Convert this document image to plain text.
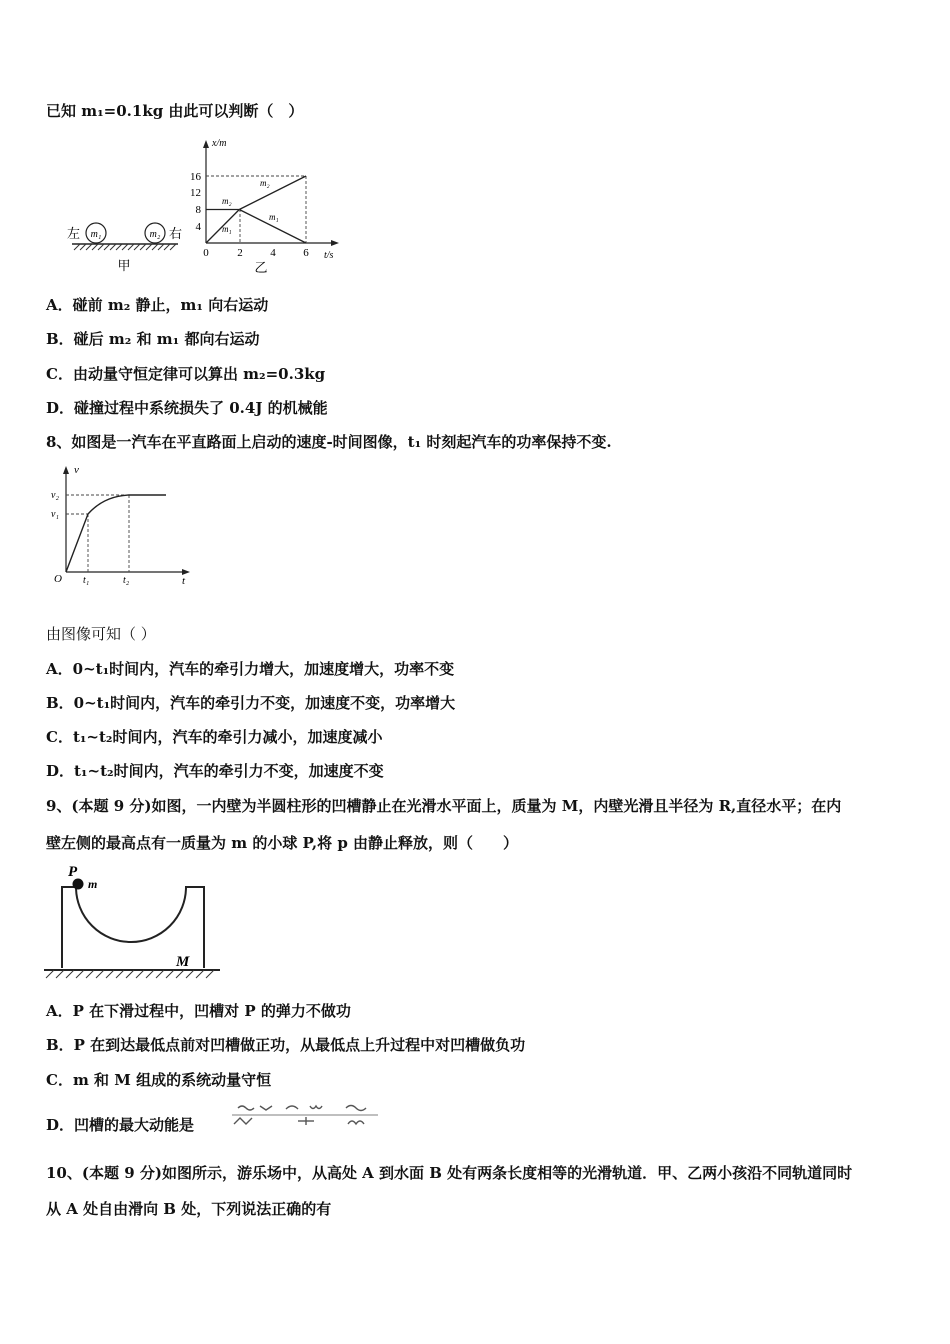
已知 m₁=0.1kg 由此可以判断（　）
m₁	m₂
左	右
甲
x/m
t/s
16
12
8
4
0	2	4	6
m₂
m₂
m₁
m₁
乙
A．碰前 m₂ 静止，m₁ 向右运动
B．碰后 m₂ 和 m₁ 都向右运动
C．由动量守恒定律可以算出 m₂=0.3kg
D．碰撞过程中系统损失了 0.4J 的机械能
8、如图是一汽车在平直路面上启动的速度-时间图像，t₁ 时刻起汽车的功率保持不变.
v
t
O
v₂
v₁
t₁	t₂
由图像可知（ ）
A．0~t₁时间内，汽车的牵引力增大，加速度增大，功率不变
B．0~t₁时间内，汽车的牵引力不变，加速度不变，功率增大
C．t₁~t₂时间内，汽车的牵引力减小，加速度减小
D．t₁~t₂时间内，汽车的牵引力不变，加速度不变
9、(本题 9 分)如图，一内壁为半圆柱形的凹槽静止在光滑水平面上，质量为 M，内壁光滑且半径为 R,直径水平；在内
壁左侧的最高点有一质量为 m 的小球 P,将 p 由静止释放，则（　　）
P
m
M
A．P 在下滑过程中，凹槽对 P 的弹力不做功
B．P 在到达最低点前对凹槽做正功，从最低点上升过程中对凹槽做负功
C．m 和 M 组成的系统动量守恒
D．凹槽的最大动能是
10、(本题 9 分)如图所示，游乐场中，从高处 A 到水面 B 处有两条长度相等的光滑轨道．甲、乙两小孩沿不同轨道同时
从 A 处自由滑向 B 处，下列说法正确的有
